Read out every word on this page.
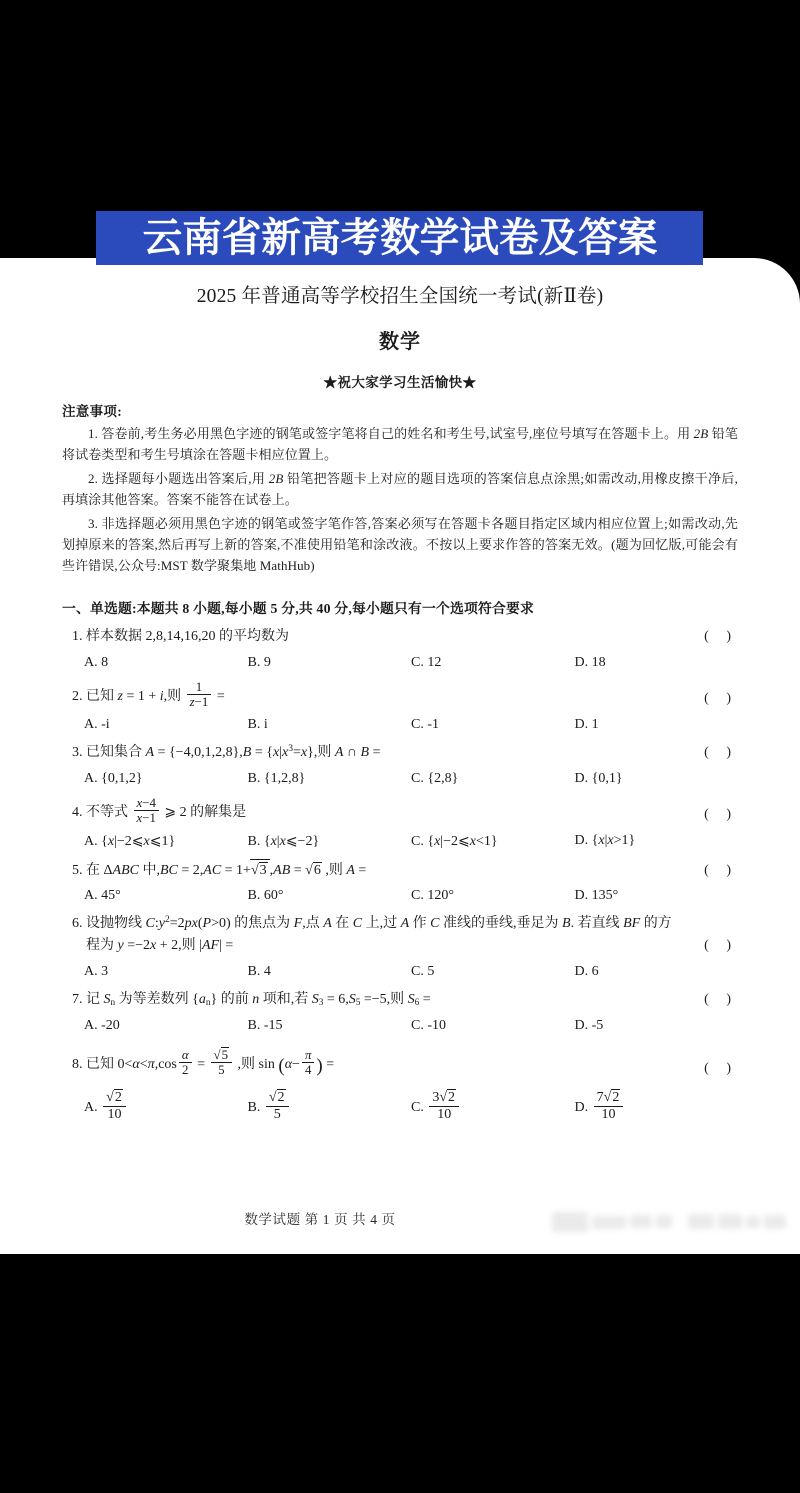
2025 年普通高等学校招生全国统一考试(新Ⅱ卷)
数学
★祝大家学习生活愉快★
注意事项:
1. 答卷前,考生务必用黑色字迹的钢笔或签字笔将自己的姓名和考生号,试室号,座位号填写在答题卡上。用 2B 铅笔将试卷类型和考生号填涂在答题卡相应位置上。
2. 选择题每小题选出答案后,用 2B 铅笔把答题卡上对应的题目选项的答案信息点涂黑;如需改动,用橡皮擦干净后,再填涂其他答案。答案不能答在试卷上。
3. 非选择题必须用黑色字迹的钢笔或签字笔作答,答案必须写在答题卡各题目指定区域内相应位置上;如需改动,先划掉原来的答案,然后再写上新的答案,不准使用铅笔和涂改液。不按以上要求作答的答案无效。(题为回忆版,可能会有些许错误,公众号:MST 数学聚集地 MathHub)
一、单选题:本题共 8 小题,每小题 5 分,共 40 分,每小题只有一个选项符合要求
1. 样本数据 2,8,14,16,20 的平均数为	( )
A. 8	B. 9	C. 12	D. 18
2. 已知 z = 1 + i,则 $\frac{1}{z-1}$ =	( )
A. -i	B. i	C. -1	D. 1
3. 已知集合 $A = \{-4,0,1,2,8\},B = \{x|x^3=x\}$,则 A ∩ B =	( )
A. {0,1,2}	B. {1,2,8}	C. {2,8}	D. {0,1}
4. 不等式 $\frac{x-4}{x-1}$ ⩾ 2 的解集是	( )
A. {x|−2⩽x⩽1}	B. {x|x⩽−2}	C. {x|−2⩽x<1}	D. {x|x>1}
5. 在 ΔABC 中,BC = 2,AC = 1+√3 ,AB = √6 ,则 A =	( )
A. 45°	B. 60°	C. 120°	D. 135°
6. 设抛物线 $C:y^2=2px(P>0)$ 的焦点为 F,点 A 在 C 上,过 A 作 C 准线的垂线,垂足为 B. 若直线 BF 的方
程为 y =−2x + 2,则 |AF| =	( )
A. 3	B. 4	C. 5	D. 6
7. 记 $S_n$ 为等差数列 $\{a_n\}$ 的前 n 项和,若 $S_3 = 6,S_5 =-5$,则 $S_6$ =	( )
A. -20	B. -15	C. -10	D. -5
8. 已知 $0<\alpha<\pi,\cos \frac{\alpha}{2} = \frac{√5}{5}$ ,则 $\sin (\alpha- \frac{\pi}{4}$ ) =	( )
A. $\frac{√2}{10}$	B. $\frac{√2}{5}$	C. $\frac{3√2}{10}$	D. $\frac{7√2}{10}$
数学试题 第 1 页 共 4 页
云南省新高考数学试卷及答案
